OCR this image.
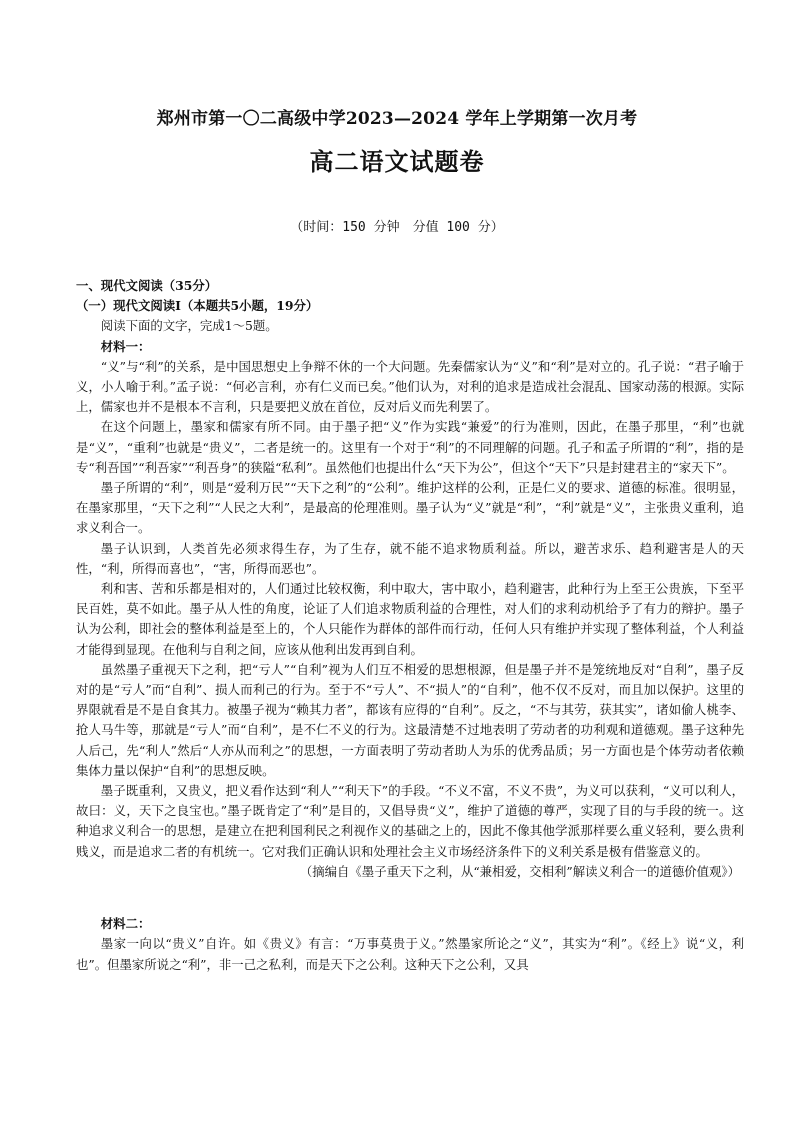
郑州市第一〇二高级中学2023—2024 学年上学期第一次月考
高二语文试题卷
（时间：150 分钟　分值 100 分）

一、现代文阅读（35分）

（一）现代文阅读Ⅰ（本题共5小题，19分）

阅读下面的文字，完成1～5题。

材料一：

“义”与“利”的关系，是中国思想史上争辩不休的一个大问题。先秦儒家认为“义”和“利”是对立的。孔子说：“君子喻于义，小人喻于利。”孟子说：“何必言利，亦有仁义而已矣。”他们认为，对利的追求是造成社会混乱、国家动荡的根源。实际上，儒家也并不是根本不言利，只是要把义放在首位，反对后义而先利罢了。

在这个问题上，墨家和儒家有所不同。由于墨子把“义”作为实践“兼爱”的行为准则，因此，在墨子那里，“利”也就是“义”，“重利”也就是“贵义”，二者是统一的。这里有一个对于“利”的不同理解的问题。孔子和孟子所谓的“利”，指的是专“利吾国”“利吾家”“利吾身”的狭隘“私利”。虽然他们也提出什么“天下为公”，但这个“天下”只是封建君主的“家天下”。

墨子所谓的“利”，则是“爱利万民”“天下之利”的“公利”。维护这样的公利，正是仁义的要求、道德的标准。很明显，在墨家那里，“天下之利”“人民之大利”，是最高的伦理准则。墨子认为“义”就是“利”，“利”就是“义”，主张贵义重利，追求义利合一。

墨子认识到，人类首先必须求得生存，为了生存，就不能不追求物质利益。所以，避苦求乐、趋利避害是人的天性，“利，所得而喜也”，“害，所得而恶也”。

利和害、苦和乐都是相对的，人们通过比较权衡，利中取大，害中取小，趋利避害，此种行为上至王公贵族，下至平民百姓，莫不如此。墨子从人性的角度，论证了人们追求物质利益的合理性，对人们的求利动机给予了有力的辩护。墨子认为公利，即社会的整体利益是至上的，个人只能作为群体的部件而行动，任何人只有维护并实现了整体利益，个人利益才能得到显现。在他利与自利之间，应该从他利出发再到自利。

虽然墨子重视天下之利，把“亏人”“自利”视为人们互不相爱的思想根源，但是墨子并不是笼统地反对“自利”，墨子反对的是“亏人”而“自利”、损人而利己的行为。至于不“亏人”、不“损人”的“自利”，他不仅不反对，而且加以保护。这里的界限就看是不是自食其力。被墨子视为“赖其力者”，都该有应得的“自利”。反之，“不与其劳，获其实”，诸如偷人桃李、抢人马牛等，那就是“亏人”而“自利”，是不仁不义的行为。这最清楚不过地表明了劳动者的功利观和道德观。墨子这种先人后己，先“利人”然后“人亦从而利之”的思想，一方面表明了劳动者助人为乐的优秀品质；另一方面也是个体劳动者依赖集体力量以保护“自利”的思想反映。

墨子既重利，又贵义，把义看作达到“利人”“利天下”的手段。“不义不富，不义不贵”，为义可以获利，“义可以利人，故曰：义，天下之良宝也。”墨子既肯定了“利”是目的，又倡导贵“义”，维护了道德的尊严，实现了目的与手段的统一。这种追求义利合一的思想，是建立在把利国利民之利视作义的基础之上的，因此不像其他学派那样要么重义轻利，要么贵利贱义，而是追求二者的有机统一。它对我们正确认识和处理社会主义市场经济条件下的义利关系是极有借鉴意义的。

（摘编自《墨子重天下之利，从“兼相爱，交相利”解读义利合一的道德价值观》）

材料二：

墨家一向以“贵义”自许。如《贵义》有言：“万事莫贵于义。”然墨家所论之“义”，其实为“利”。《经上》说“义，利也”。但墨家所说之“利”，非一己之私利，而是天下之公利。这种天下之公利，又具
